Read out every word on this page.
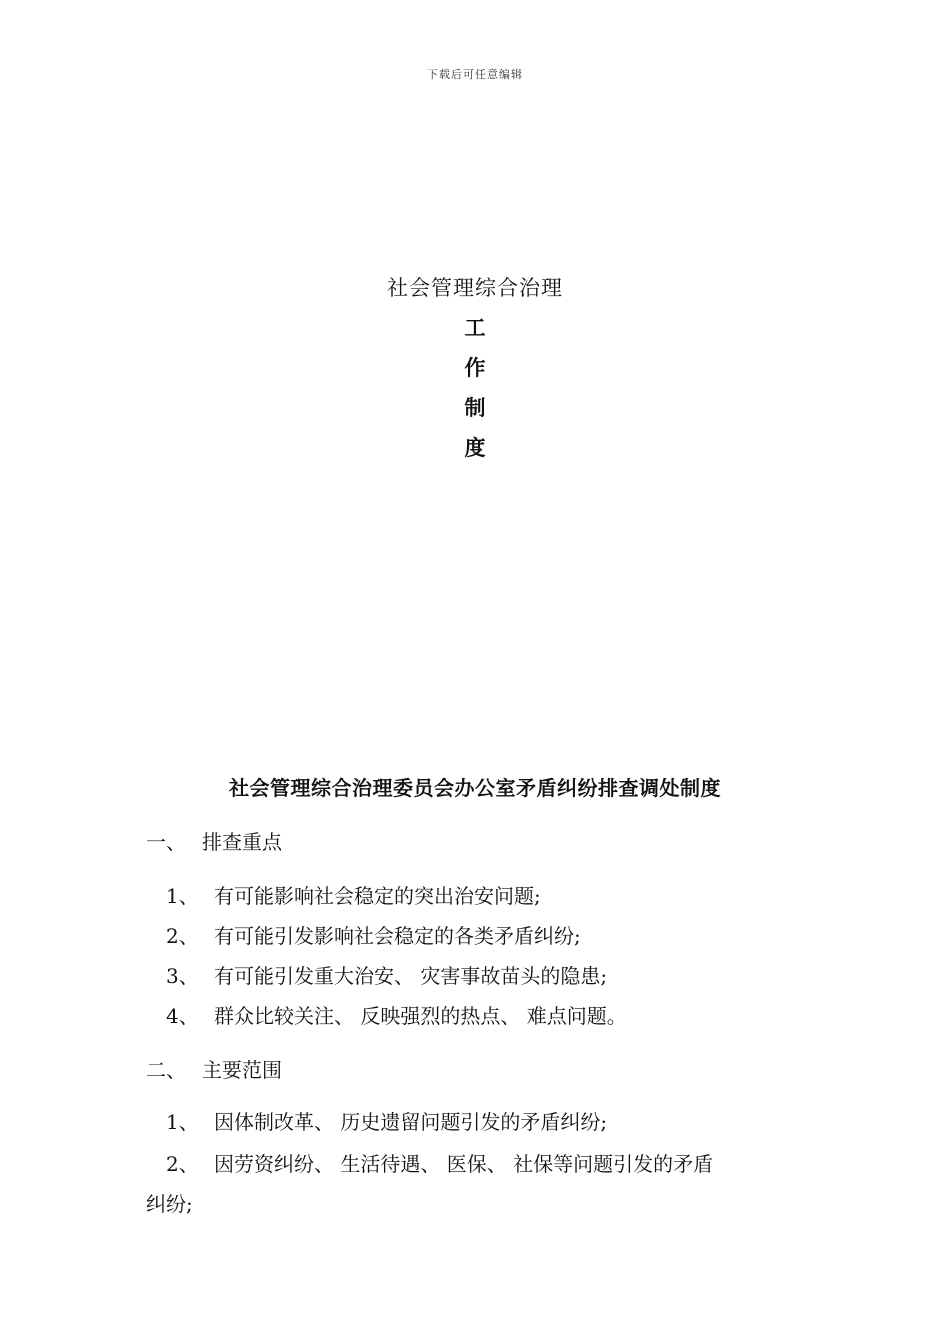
下载后可任意编辑
社会管理综合治理
工
作
制
度
社会管理综合治理委员会办公室矛盾纠纷排查调处制度
一、 排查重点
1、 有可能影响社会稳定的突出治安问题;
2、 有可能引发影响社会稳定的各类矛盾纠纷;
3、 有可能引发重大治安、 灾害事故苗头的隐患;
4、 群众比较关注、 反映强烈的热点、 难点问题。
二、 主要范围
1、 因体制改革、 历史遗留问题引发的矛盾纠纷;
2、 因劳资纠纷、 生活待遇、 医保、 社保等问题引发的矛盾
纠纷;
